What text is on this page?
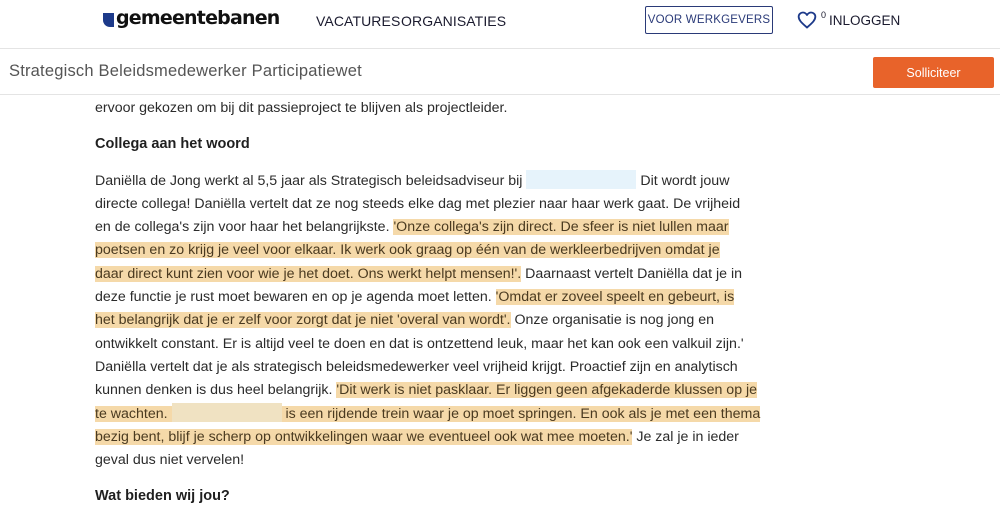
gemeentebanen	VACATURES ORGANISATIES	VOOR WERKGEVERS	0 INLOGGEN
Strategisch Beleidsmedewerker Participatiewet	Solliciteer
ervoor gekozen om bij dit passieproject te blijven als projectleider.
Collega aan het woord
Daniëlla de Jong werkt al 5,5 jaar als Strategisch beleidsadviseur bij	Dit wordt jouw
directe collega! Daniëlla vertelt dat ze nog steeds elke dag met plezier naar haar werk gaat. De vrijheid
en de collega's zijn voor haar het belangrijkste. 'Onze collega's zijn direct. De sfeer is niet lullen maar
poetsen en zo krijg je veel voor elkaar. Ik werk ook graag op één van de werkleerbedrijven omdat je
daar direct kunt zien voor wie je het doet. Ons werkt helpt mensen!'. Daarnaast vertelt Daniëlla dat je in
deze functie je rust moet bewaren en op je agenda moet letten. 'Omdat er zoveel speelt en gebeurt, is
het belangrijk dat je er zelf voor zorgt dat je niet 'overal van wordt'. Onze organisatie is nog jong en
ontwikkelt constant. Er is altijd veel te doen en dat is ontzettend leuk, maar het kan ook een valkuil zijn.'
Daniëlla vertelt dat je als strategisch beleidsmedewerker veel vrijheid krijgt. Proactief zijn en analytisch
kunnen denken is dus heel belangrijk. 'Dit werk is niet pasklaar. Er liggen geen afgekaderde klussen op je
te wachten.	is een rijdende trein waar je op moet springen. En ook als je met een thema
bezig bent, blijf je scherp op ontwikkelingen waar we eventueel ook wat mee moeten.' Je zal je in ieder
geval dus niet vervelen!
Wat bieden wij jou?
